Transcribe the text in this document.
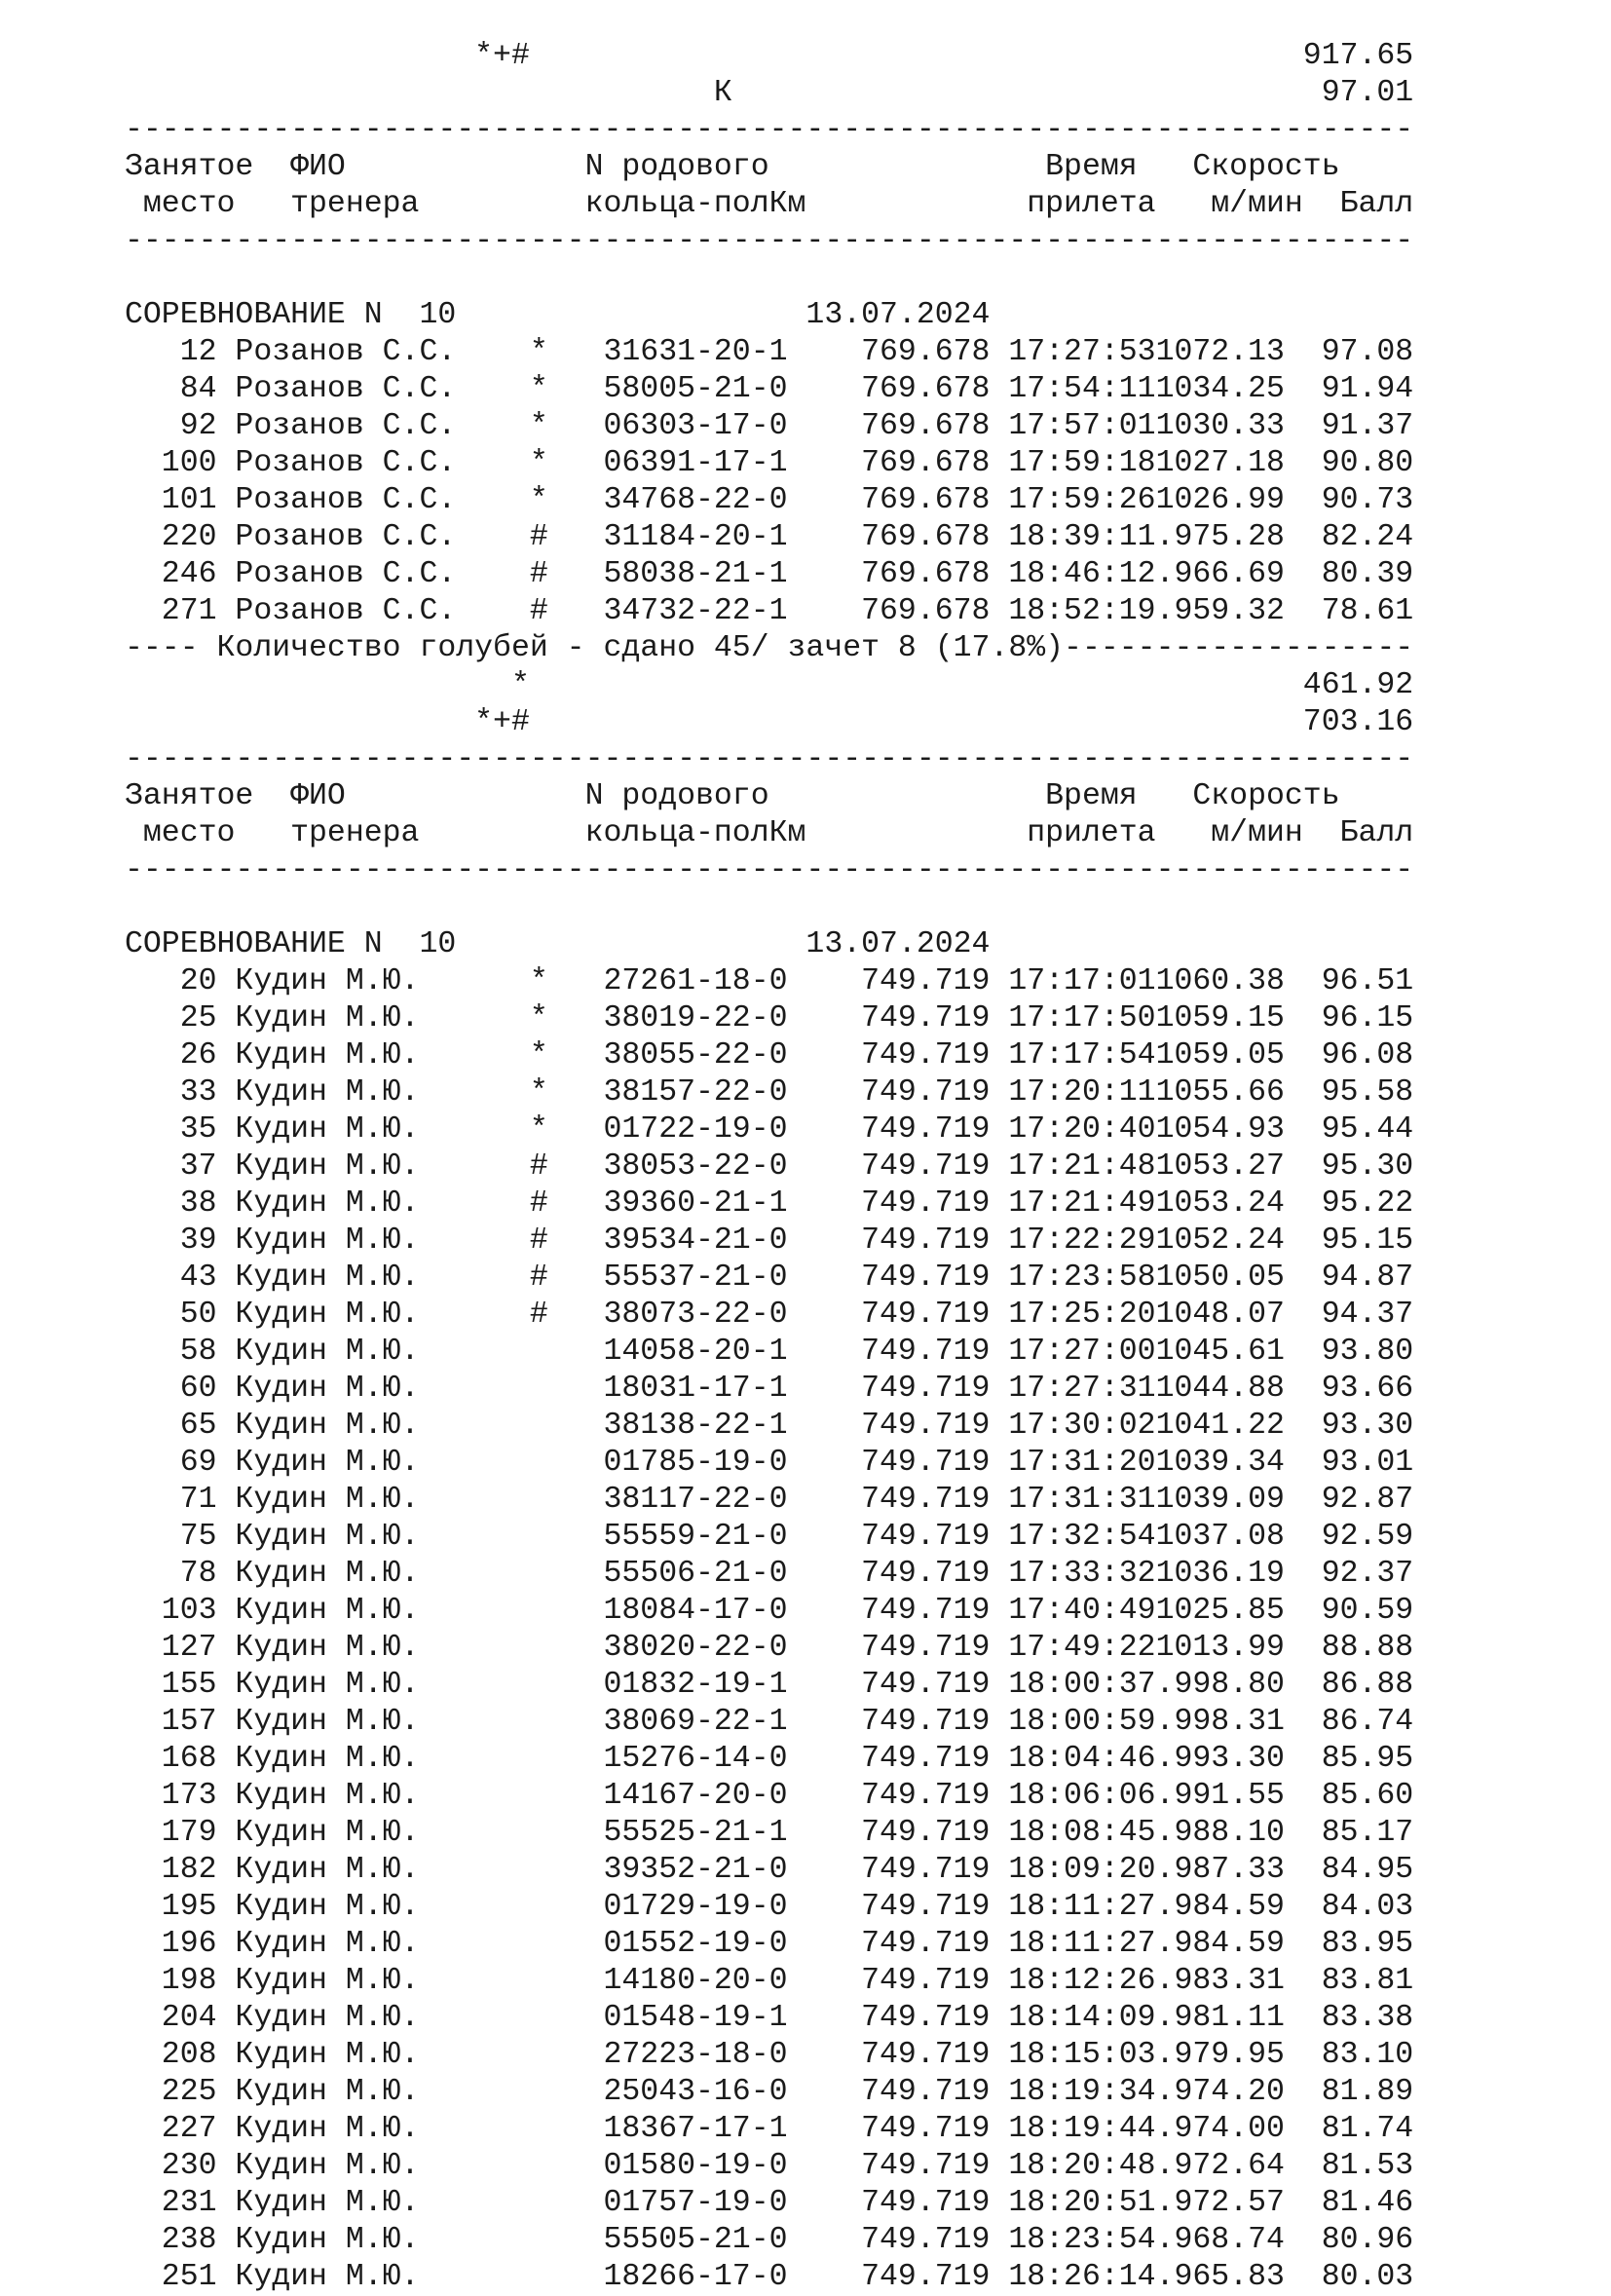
*+#                                          917.65
К                                97.01
----------------------------------------------------------------------
Занятое  ФИО             N родового               Время   Скорость
место   тренера         кольца-полКм            прилета   м/мин  Балл
----------------------------------------------------------------------
СОРЕВНОВАНИЕ N  10                   13.07.2024
12 Розанов С.С.    *   31631-20-1    769.678 17:27:531072.13  97.08
84 Розанов С.С.    *   58005-21-0    769.678 17:54:111034.25  91.94
92 Розанов С.С.    *   06303-17-0    769.678 17:57:011030.33  91.37
100 Розанов С.С.    *   06391-17-1    769.678 17:59:181027.18  90.80
101 Розанов С.С.    *   34768-22-0    769.678 17:59:261026.99  90.73
220 Розанов С.С.    #   31184-20-1    769.678 18:39:11.975.28  82.24
246 Розанов С.С.    #   58038-21-1    769.678 18:46:12.966.69  80.39
271 Розанов С.С.    #   34732-22-1    769.678 18:52:19.959.32  78.61
---- Количество голубей - сдано 45/ зачет 8 (17.8%)-------------------
*                                          461.92
*+#                                          703.16
----------------------------------------------------------------------
Занятое  ФИО             N родового               Время   Скорость
место   тренера         кольца-полКм            прилета   м/мин  Балл
----------------------------------------------------------------------
СОРЕВНОВАНИЕ N  10                   13.07.2024
20 Кудин М.Ю.      *   27261-18-0    749.719 17:17:011060.38  96.51
25 Кудин М.Ю.      *   38019-22-0    749.719 17:17:501059.15  96.15
26 Кудин М.Ю.      *   38055-22-0    749.719 17:17:541059.05  96.08
33 Кудин М.Ю.      *   38157-22-0    749.719 17:20:111055.66  95.58
35 Кудин М.Ю.      *   01722-19-0    749.719 17:20:401054.93  95.44
37 Кудин М.Ю.      #   38053-22-0    749.719 17:21:481053.27  95.30
38 Кудин М.Ю.      #   39360-21-1    749.719 17:21:491053.24  95.22
39 Кудин М.Ю.      #   39534-21-0    749.719 17:22:291052.24  95.15
43 Кудин М.Ю.      #   55537-21-0    749.719 17:23:581050.05  94.87
50 Кудин М.Ю.      #   38073-22-0    749.719 17:25:201048.07  94.37
58 Кудин М.Ю.          14058-20-1    749.719 17:27:001045.61  93.80
60 Кудин М.Ю.          18031-17-1    749.719 17:27:311044.88  93.66
65 Кудин М.Ю.          38138-22-1    749.719 17:30:021041.22  93.30
69 Кудин М.Ю.          01785-19-0    749.719 17:31:201039.34  93.01
71 Кудин М.Ю.          38117-22-0    749.719 17:31:311039.09  92.87
75 Кудин М.Ю.          55559-21-0    749.719 17:32:541037.08  92.59
78 Кудин М.Ю.          55506-21-0    749.719 17:33:321036.19  92.37
103 Кудин М.Ю.          18084-17-0    749.719 17:40:491025.85  90.59
127 Кудин М.Ю.          38020-22-0    749.719 17:49:221013.99  88.88
155 Кудин М.Ю.          01832-19-1    749.719 18:00:37.998.80  86.88
157 Кудин М.Ю.          38069-22-1    749.719 18:00:59.998.31  86.74
168 Кудин М.Ю.          15276-14-0    749.719 18:04:46.993.30  85.95
173 Кудин М.Ю.          14167-20-0    749.719 18:06:06.991.55  85.60
179 Кудин М.Ю.          55525-21-1    749.719 18:08:45.988.10  85.17
182 Кудин М.Ю.          39352-21-0    749.719 18:09:20.987.33  84.95
195 Кудин М.Ю.          01729-19-0    749.719 18:11:27.984.59  84.03
196 Кудин М.Ю.          01552-19-0    749.719 18:11:27.984.59  83.95
198 Кудин М.Ю.          14180-20-0    749.719 18:12:26.983.31  83.81
204 Кудин М.Ю.          01548-19-1    749.719 18:14:09.981.11  83.38
208 Кудин М.Ю.          27223-18-0    749.719 18:15:03.979.95  83.10
225 Кудин М.Ю.          25043-16-0    749.719 18:19:34.974.20  81.89
227 Кудин М.Ю.          18367-17-1    749.719 18:19:44.974.00  81.74
230 Кудин М.Ю.          01580-19-0    749.719 18:20:48.972.64  81.53
231 Кудин М.Ю.          01757-19-0    749.719 18:20:51.972.57  81.46
238 Кудин М.Ю.          55505-21-0    749.719 18:23:54.968.74  80.96
251 Кудин М.Ю.          18266-17-0    749.719 18:26:14.965.83  80.03
